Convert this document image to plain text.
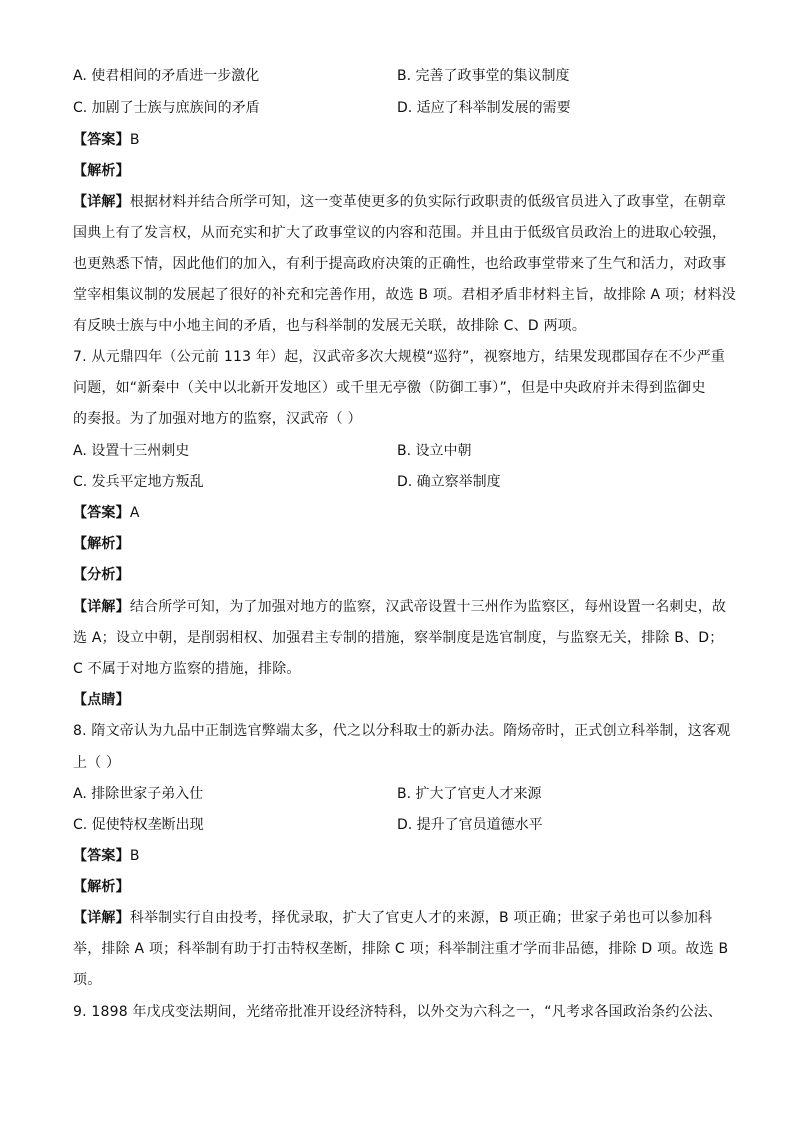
A. 使君相间的矛盾进一步激化	B. 完善了政事堂的集议制度
C. 加剧了士族与庶族间的矛盾	D. 适应了科举制发展的需要
【答案】B
【解析】
【详解】根据材料并结合所学可知，这一变革使更多的负实际行政职责的低级官员进入了政事堂，在朝章
国典上有了发言权，从而充实和扩大了政事堂议的内容和范围。并且由于低级官员政治上的进取心较强，
也更熟悉下情，因此他们的加入，有利于提高政府决策的正确性，也给政事堂带来了生气和活力，对政事
堂宰相集议制的发展起了很好的补充和完善作用，故选 B 项。君相矛盾非材料主旨，故排除 A 项；材料没
有反映士族与中小地主间的矛盾，也与科举制的发展无关联，故排除 C、D 两项。
7. 从元鼎四年（公元前 113 年）起，汉武帝多次大规模“巡狩”，视察地方，结果发现郡国存在不少严重
问题，如“新秦中（关中以北新开发地区）或千里无亭徼（防御工事）”，但是中央政府并未得到监御史
的奏报。为了加强对地方的监察，汉武帝（ ）
A. 设置十三州刺史	B. 设立中朝
C. 发兵平定地方叛乱	D. 确立察举制度
【答案】A
【解析】
【分析】
【详解】结合所学可知，为了加强对地方的监察，汉武帝设置十三州作为监察区，每州设置一名刺史，故
选 A；设立中朝，是削弱相权、加强君主专制的措施，察举制度是选官制度，与监察无关，排除 B、D；
C 不属于对地方监察的措施，排除。
【点睛】
8. 隋文帝认为九品中正制选官弊端太多，代之以分科取士的新办法。隋炀帝时，正式创立科举制，这客观
上（ ）
A. 排除世家子弟入仕	B. 扩大了官吏人才来源
C. 促使特权垄断出现	D. 提升了官员道德水平
【答案】B
【解析】
【详解】科举制实行自由投考，择优录取，扩大了官吏人才的来源，B 项正确；世家子弟也可以参加科
举，排除 A 项；科举制有助于打击特权垄断，排除 C 项；科举制注重才学而非品德，排除 D 项。故选 B
项。
9. 1898 年戊戌变法期间，光绪帝批准开设经济特科，以外交为六科之一，“凡考求各国政治条约公法、
